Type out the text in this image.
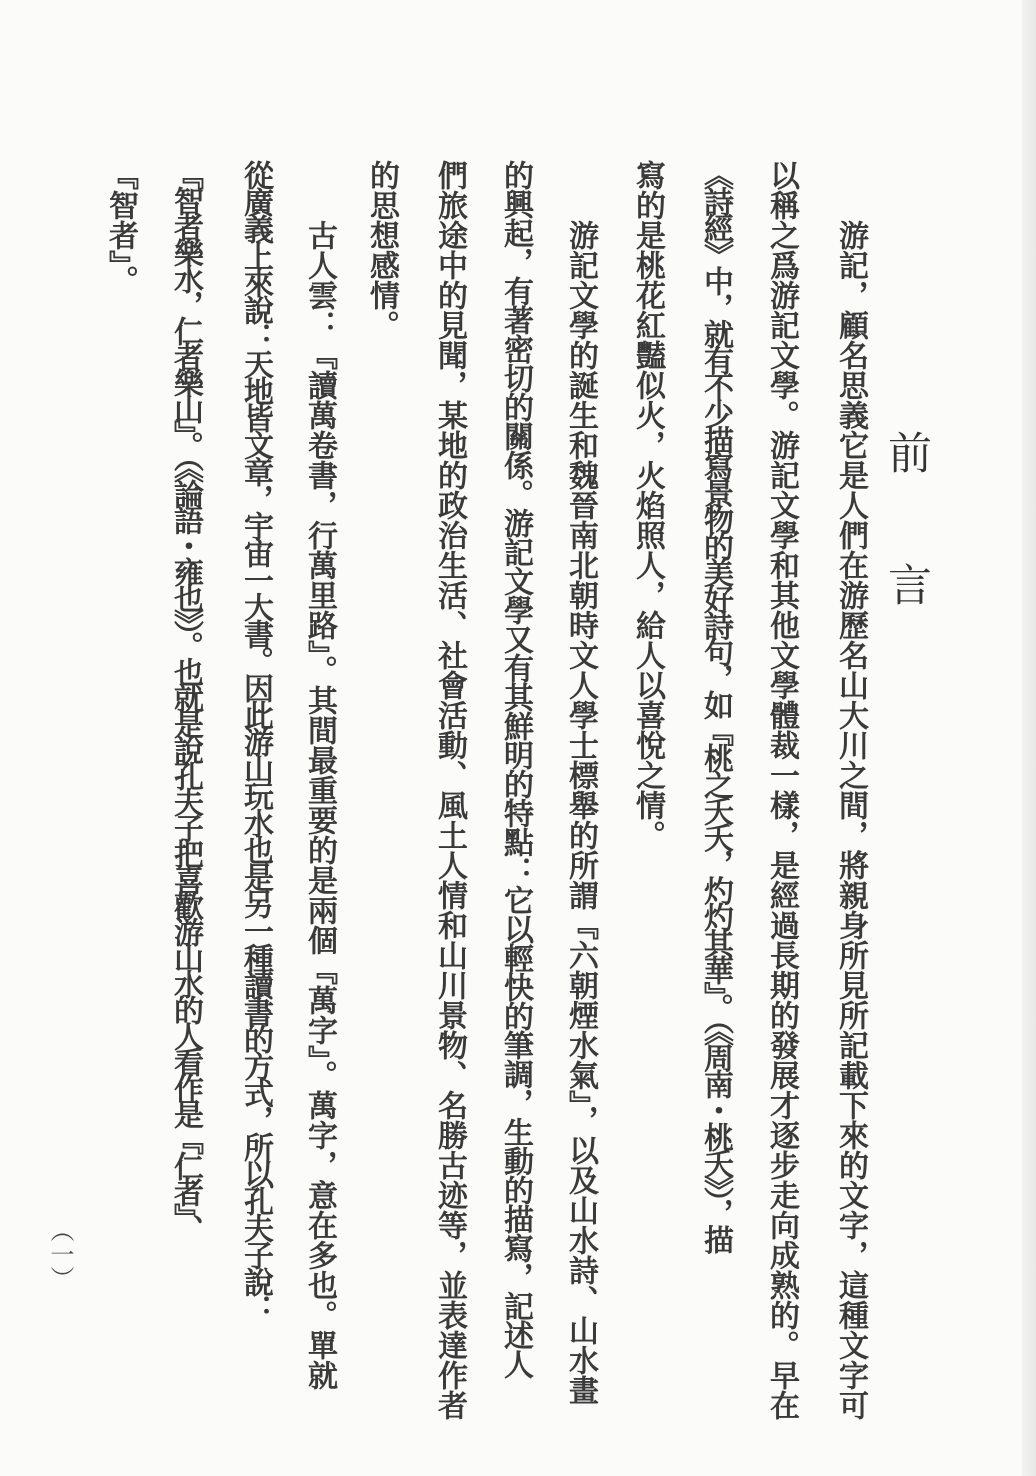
前言
游記，顧名思義它是人們在游歷名山大川之間，將親身所見所記載下來的文字，這種文字可
以稱之爲游記文學。游記文學和其他文學體裁一樣，是經過長期的發展才逐步走向成熟的。早在
《詩經》中，就有不少描寫景物的美好詩句，如『桃之夭夭，灼灼其華』。（《周南・桃夭》），描
寫的是桃花紅豔似火，火焰照人，給人以喜悅之情。
游記文學的誕生和魏晉南北朝時文人學士標舉的所謂『六朝煙水氣』，以及山水詩、山水畫
的興起，有著密切的關係。游記文學又有其鮮明的特點：它以輕快的筆調，生動的描寫，記述人
們旅途中的見聞，某地的政治生活、社會活動、風土人情和山川景物、名勝古迹等，並表達作者
的思想感情。
古人雲：『讀萬卷書，行萬里路』。其間最重要的是兩個『萬字』。萬字，意在多也。單就
從廣義上來說：天地皆文章，宇宙一大書。因此游山玩水也是另一種讀書的方式，所以孔夫子說：
『智者樂水，仁者樂山』。（《論語・雍也》）。也就是說孔夫子把喜歡游山水的人看作是『仁者』、
『智者』。
（一）
